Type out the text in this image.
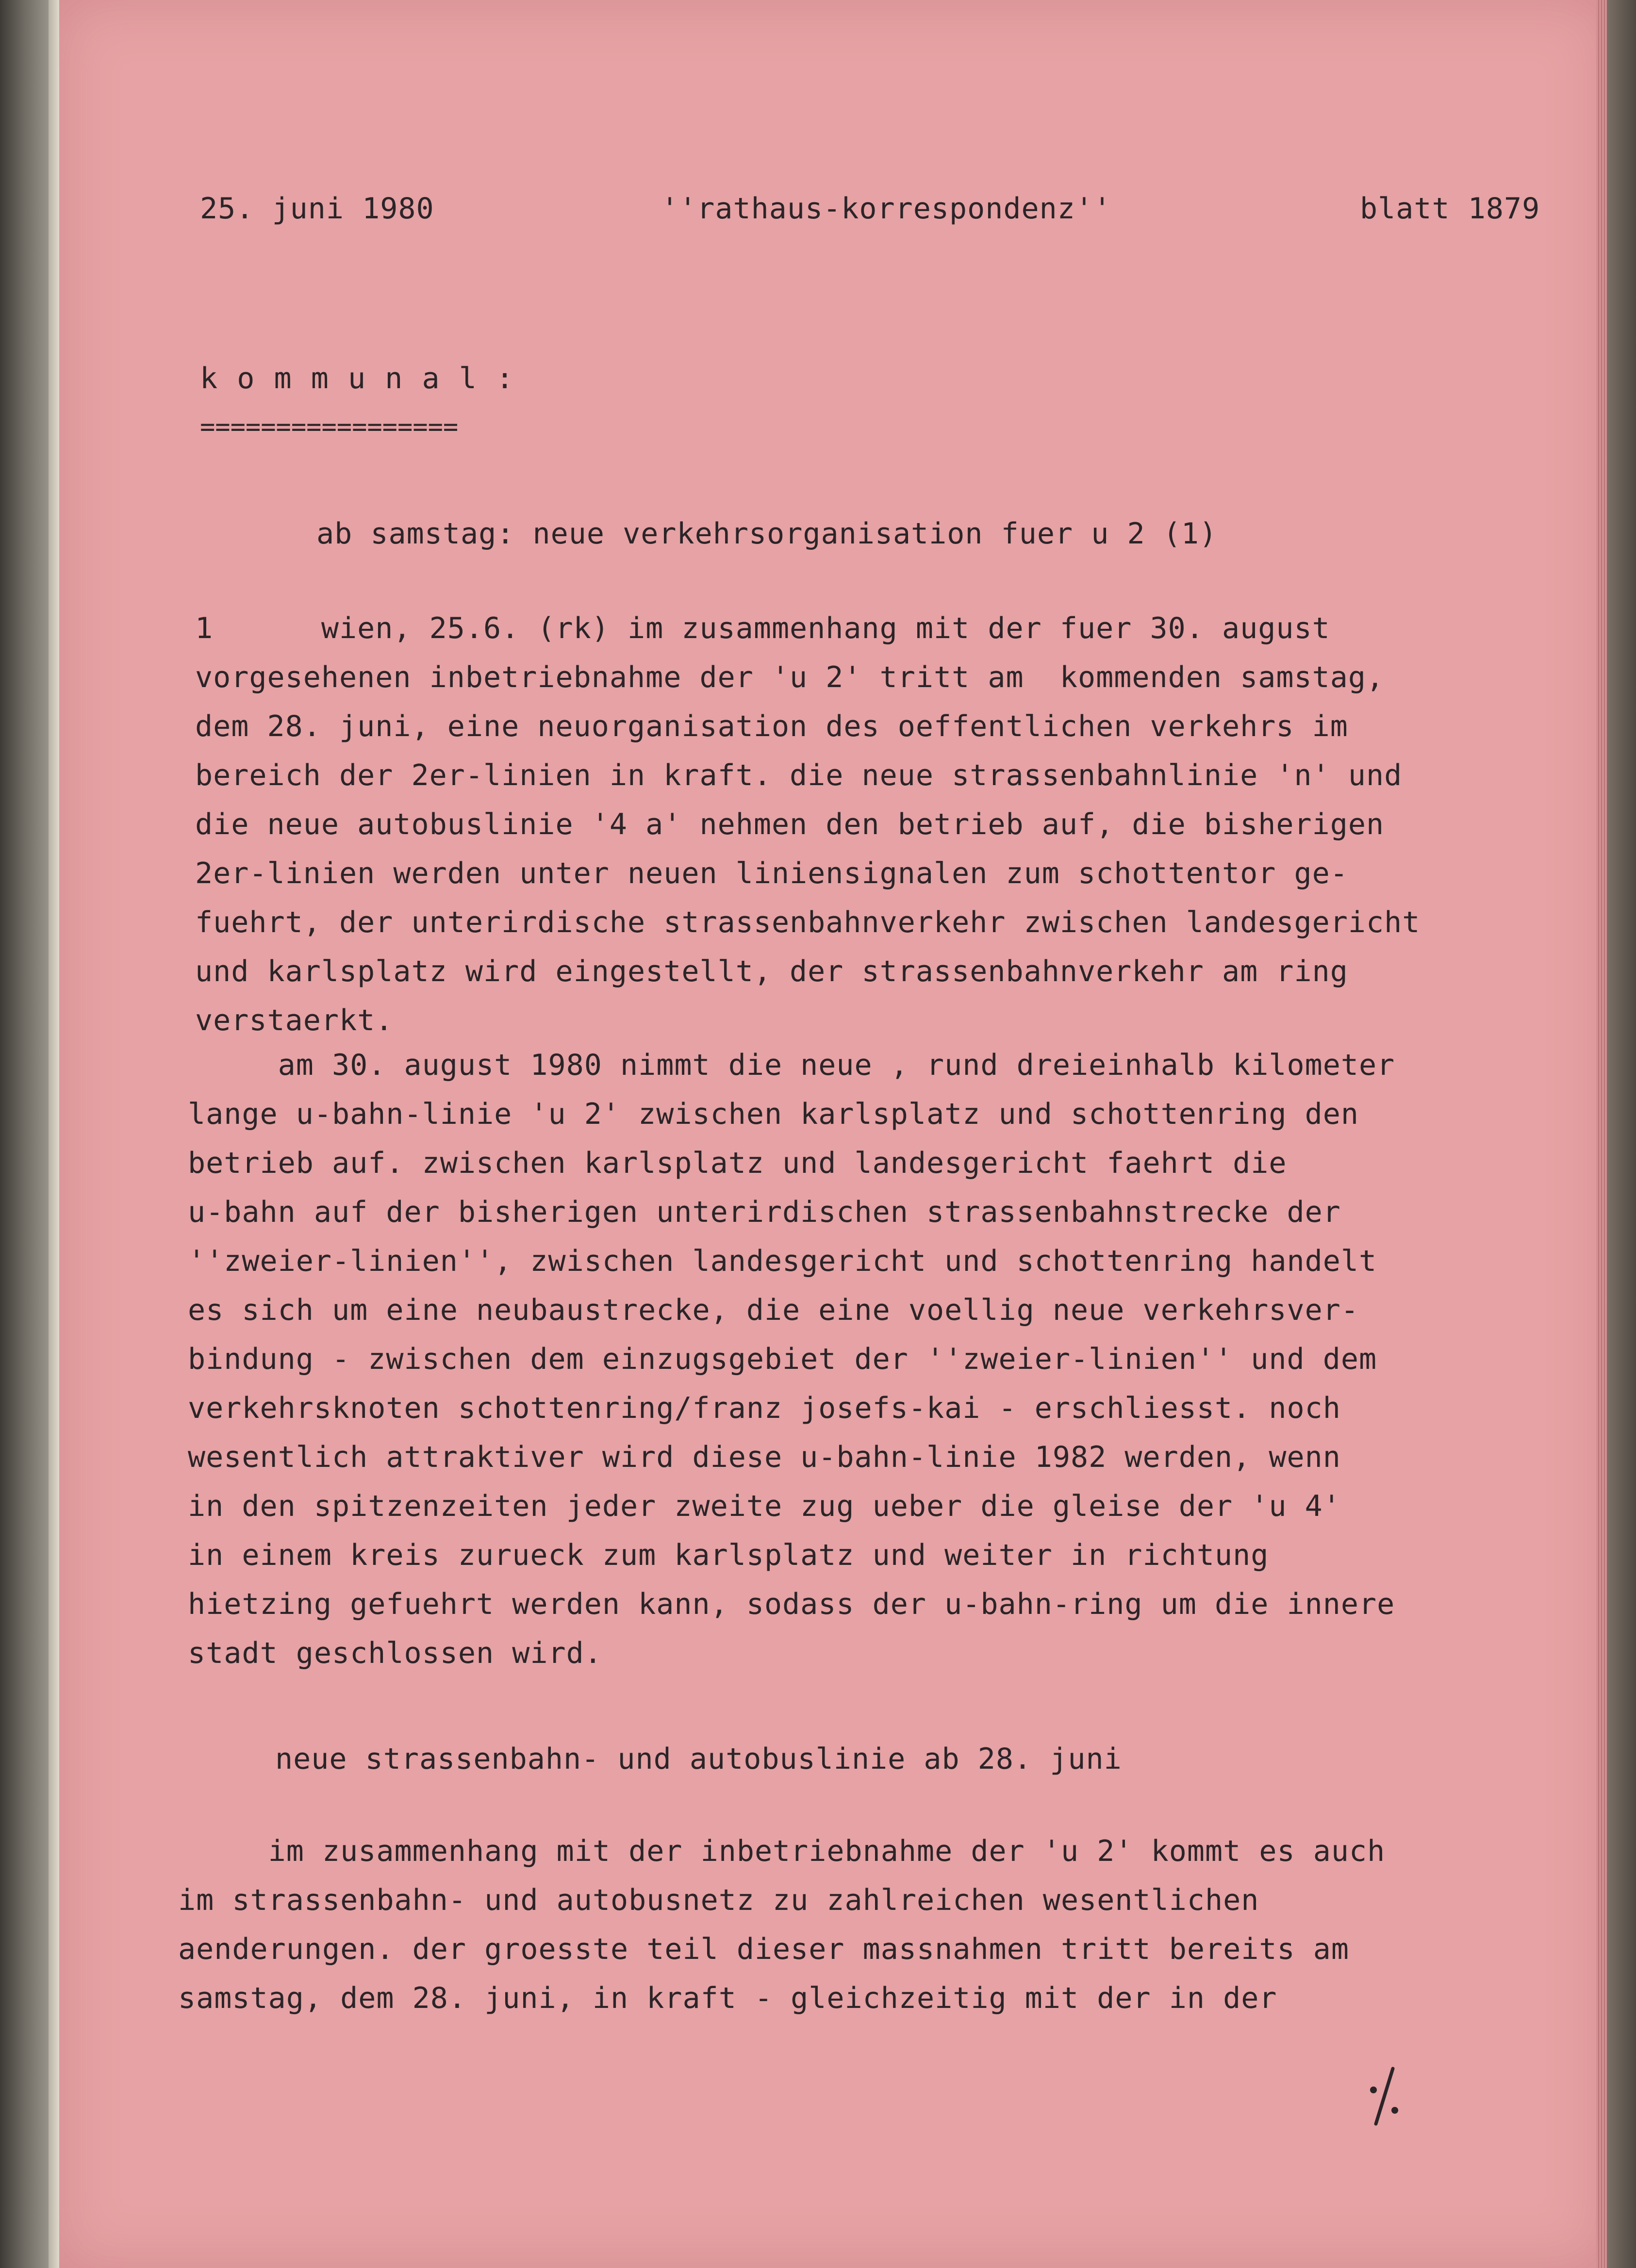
25. juni 1980	''rathaus-korrespondenz''	blatt 1879

k o m m u n a l :

=================

ab samstag: neue verkehrsorganisation fuer u 2 (1)

1      wien, 25.6. (rk) im zusammenhang mit der fuer 30. august
vorgesehenen inbetriebnahme der 'u 2' tritt am  kommenden samstag,
dem 28. juni, eine neuorganisation des oeffentlichen verkehrs im
bereich der 2er-linien in kraft. die neue strassenbahnlinie 'n' und
die neue autobuslinie '4 a' nehmen den betrieb auf, die bisherigen
2er-linien werden unter neuen liniensignalen zum schottentor ge-
fuehrt, der unterirdische strassenbahnverkehr zwischen landesgericht
und karlsplatz wird eingestellt, der strassenbahnverkehr am ring
verstaerkt.
am 30. august 1980 nimmt die neue , rund dreieinhalb kilometer
lange u-bahn-linie 'u 2' zwischen karlsplatz und schottenring den
betrieb auf. zwischen karlsplatz und landesgericht faehrt die
u-bahn auf der bisherigen unterirdischen strassenbahnstrecke der
''zweier-linien'', zwischen landesgericht und schottenring handelt
es sich um eine neubaustrecke, die eine voellig neue verkehrsver-
bindung - zwischen dem einzugsgebiet der ''zweier-linien'' und dem
verkehrsknoten schottenring/franz josefs-kai - erschliesst. noch
wesentlich attraktiver wird diese u-bahn-linie 1982 werden, wenn
in den spitzenzeiten jeder zweite zug ueber die gleise der 'u 4'
in einem kreis zurueck zum karlsplatz und weiter in richtung
hietzing gefuehrt werden kann, sodass der u-bahn-ring um die innere
stadt geschlossen wird.

neue strassenbahn- und autobuslinie ab 28. juni

im zusammenhang mit der inbetriebnahme der 'u 2' kommt es auch
im strassenbahn- und autobusnetz zu zahlreichen wesentlichen
aenderungen. der groesste teil dieser massnahmen tritt bereits am
samstag, dem 28. juni, in kraft - gleichzeitig mit der in der
